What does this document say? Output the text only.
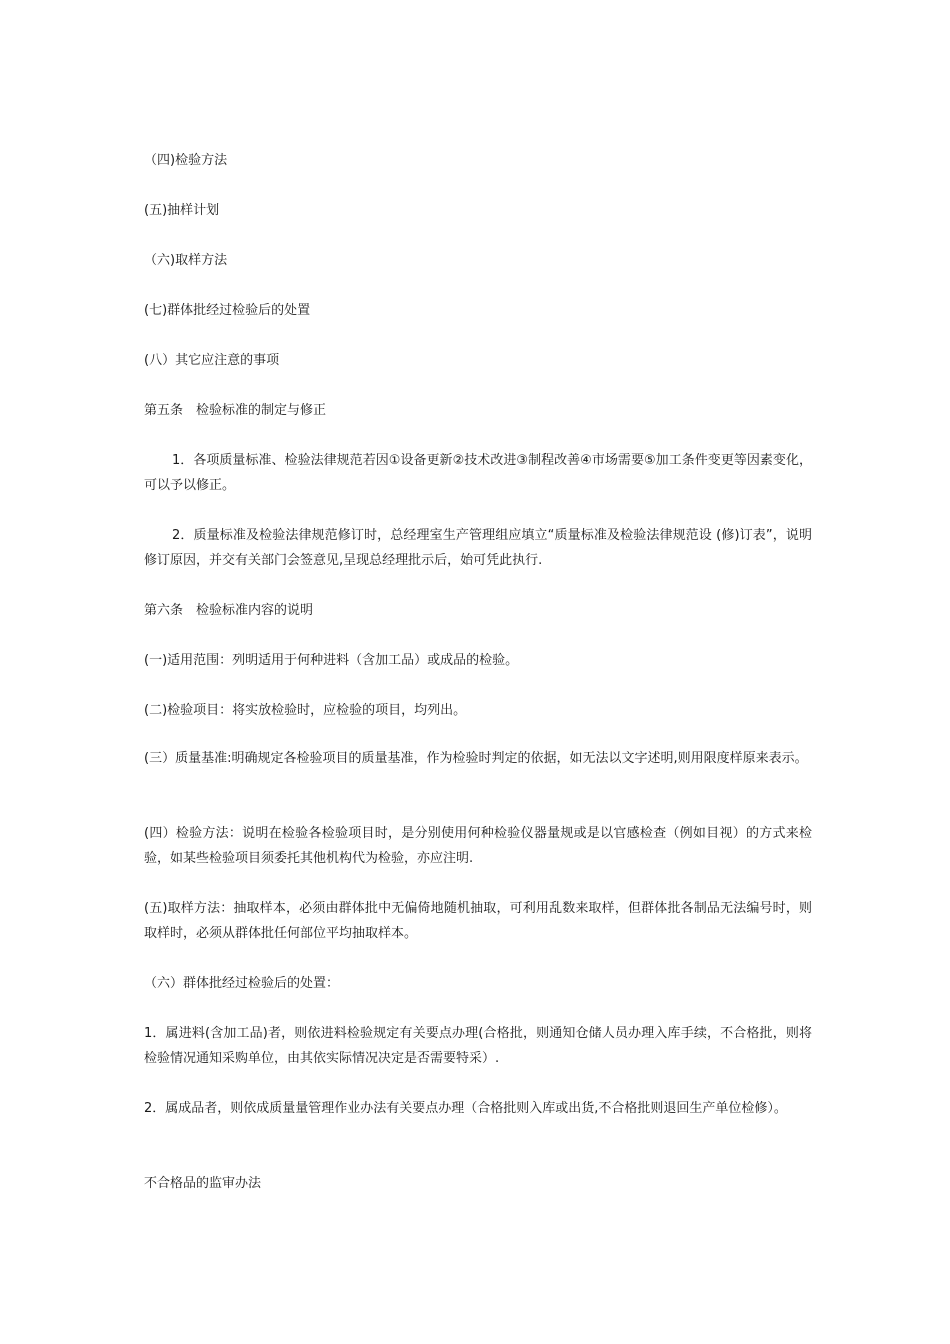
（四)检验方法

(五)抽样计划

（六)取样方法

(七)群体批经过检验后的处置

(八）其它应注意的事项

第五条　检验标准的制定与修正

1．各项质量标准、检验法律规范若因①设备更新②技术改进③制程改善④市场需要⑤加工条件变更等因素变化，可以予以修正。

2．质量标准及检验法律规范修订时，总经理室生产管理组应填立“质量标准及检验法律规范设 (修)订表”，说明修订原因，并交有关部门会签意见,呈现总经理批示后，始可凭此执行.

第六条　检验标准内容的说明

(一)适用范围：列明适用于何种进料（含加工品）或成品的检验。

(二)检验项目：将实放检验时，应检验的项目，均列出。

(三）质量基准:明确规定各检验项目的质量基准，作为检验时判定的依据，如无法以文字述明,则用限度样原来表示。

(四）检验方法：说明在检验各检验项目时，是分别使用何种检验仪器量规或是以官感检查（例如目视）的方式来检验，如某些检验项目须委托其他机构代为检验，亦应注明.

(五)取样方法：抽取样本，必须由群体批中无偏倚地随机抽取，可利用乱数来取样，但群体批各制品无法编号时，则取样时，必须从群体批任何部位平均抽取样本。

（六）群体批经过检验后的处置：

1．属进料(含加工品)者，则依进料检验规定有关要点办理(合格批，则通知仓储人员办理入库手续，不合格批，则将检验情况通知采购单位，由其依实际情况决定是否需要特采）.

2．属成品者，则依成质量量管理作业办法有关要点办理（合格批则入库或出货,不合格批则退回生产单位检修）。

不合格品的监审办法
